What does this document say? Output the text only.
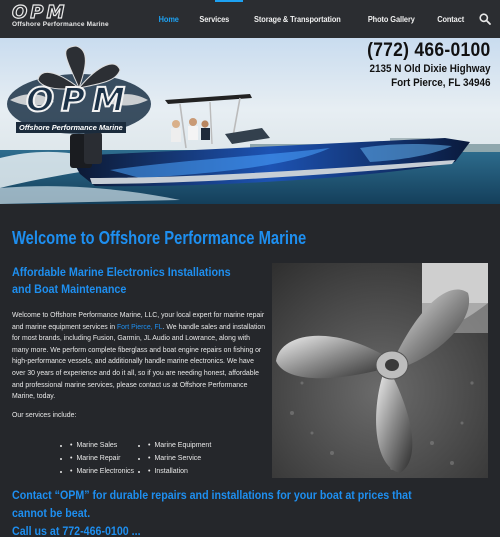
OPM
Offshore Performance Marine
Home	Services	Storage & Transportation	Photo Gallery	Contact
OPM
Offshore Performance Marine
(772) 466-0100
2135 N Old Dixie Highway
Fort Pierce, FL 34946
Welcome to Offshore Performance Marine
Affordable Marine Electronics Installations and Boat Maintenance

Welcome to Offshore Performance Marine, LLC, your local expert for marine repair and marine equipment services in Fort Pierce, FL. We handle sales and installation for most brands, including Fusion, Garmin, JL Audio and Lowrance, along with many more. We perform complete fiberglass and boat engine repairs on fishing or high-performance vessels, and additionally handle marine electronics. We have over 30 years of experience and do it all, so if you are needing honest, affordable and professional marine services, please contact us at Offshore Performance Marine, today.

Our services include:

• • Marine Sales	• • Marine Equipment
• • Marine Repair	• • Marine Service
• • Marine Electronics	• • Installation

Contact “OPM” for durable repairs and installations for your boat at prices that cannot be beat.
Call us at 772-466-0100 ...
